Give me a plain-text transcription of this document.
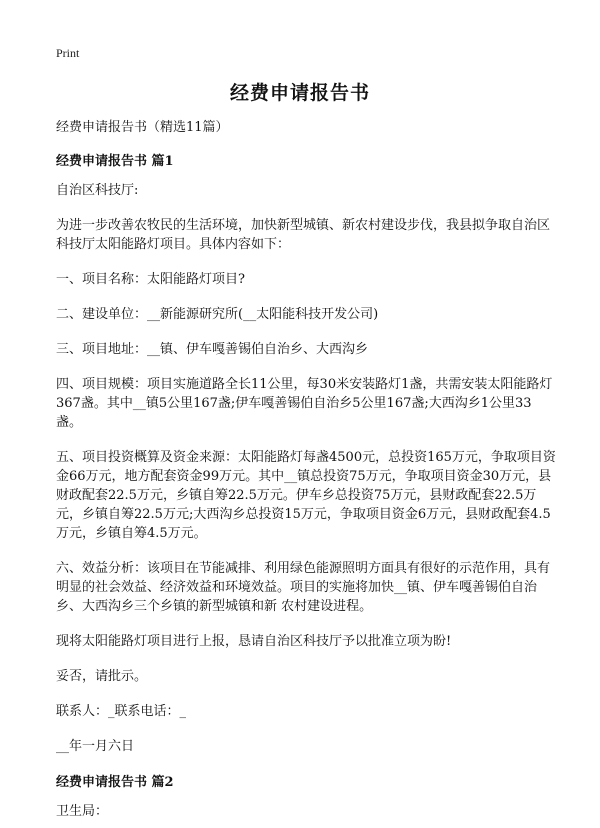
Print
经费申请报告书
经费申请报告书（精选11篇）
经费申请报告书 篇1
自治区科技厅:
为进一步改善农牧民的生活环境，加快新型城镇、新农村建设步伐，我县拟争取自治区科技厅太阳能路灯项目。具体内容如下：
一、项目名称：太阳能路灯项目?
二、建设单位：__新能源研究所(__太阳能科技开发公司)
三、项目地址：__镇、伊车嘎善锡伯自治乡、大西沟乡
四、项目规模：项目实施道路全长11公里，每30米安装路灯1盏，共需安装太阳能路灯367盏。其中__镇5公里167盏;伊车嘎善锡伯自治乡5公里167盏;大西沟乡1公里33盏。
五、项目投资概算及资金来源：太阳能路灯每盏4500元，总投资165万元，争取项目资金66万元，地方配套资金99万元。其中__镇总投资75万元，争取项目资金30万元，县财政配套22.5万元，乡镇自筹22.5万元。伊车乡总投资75万元，县财政配套22.5万元，乡镇自筹22.5万元;大西沟乡总投资15万元，争取项目资金6万元，县财政配套4.5万元，乡镇自筹4.5万元。
六、效益分析：该项目在节能减排、利用绿色能源照明方面具有很好的示范作用，具有明显的社会效益、经济效益和环境效益。项目的实施将加快__镇、伊车嘎善锡伯自治乡、大西沟乡三个乡镇的新型城镇和新 农村建设进程。
现将太阳能路灯项目进行上报，恳请自治区科技厅予以批准立项为盼!
妥否，请批示。
联系人：_联系电话：_
__年一月六日
经费申请报告书 篇2
卫生局：
